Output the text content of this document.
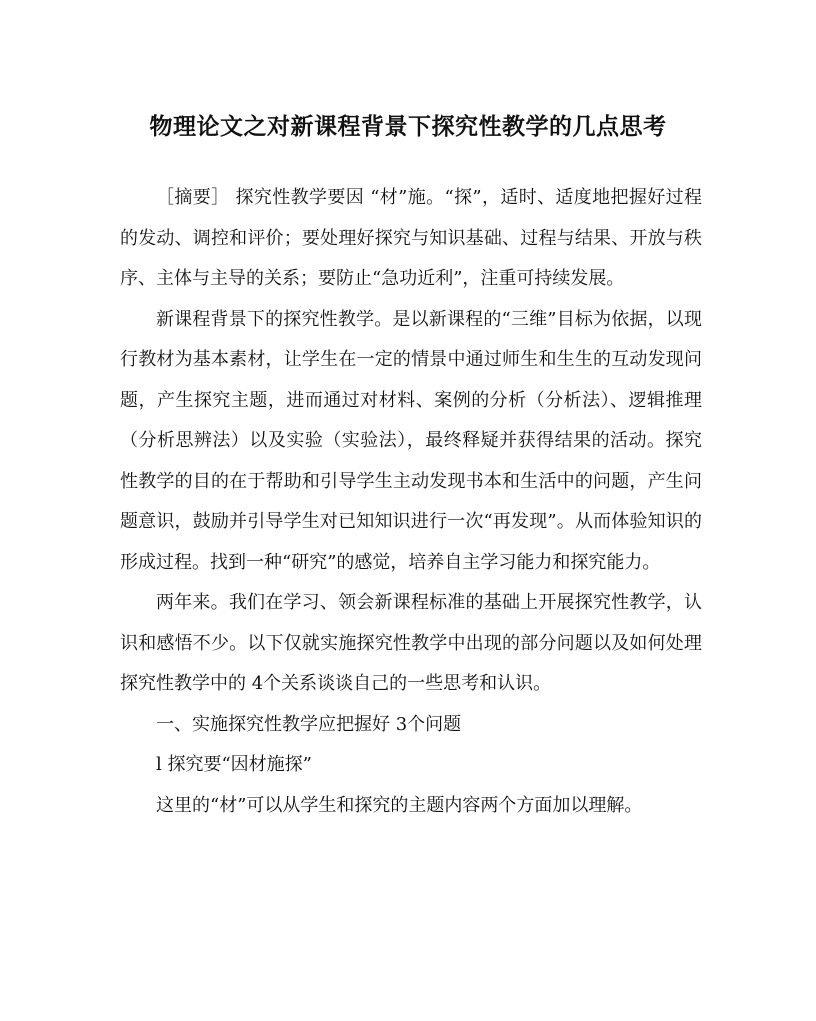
物理论文之对新课程背景下探究性教学的几点思考

［摘要］ 探究性教学要因 “材”施。“探”，适时、适度地把握好过程的发动、调控和评价；要处理好探究与知识基础、过程与结果、开放与秩序、主体与主导的关系；要防止“急功近利”，注重可持续发展。

新课程背景下的探究性教学。是以新课程的“三维”目标为依据，以现行教材为基本素材，让学生在一定的情景中通过师生和生生的互动发现问题，产生探究主题，进而通过对材料、案例的分析（分析法）、逻辑推理（分析思辨法）以及实验（实验法），最终释疑并获得结果的活动。探究性教学的目的在于帮助和引导学生主动发现书本和生活中的问题，产生问题意识，鼓励并引导学生对已知知识进行一次“再发现”。从而体验知识的形成过程。找到一种“研究”的感觉，培养自主学习能力和探究能力。

两年来。我们在学习、领会新课程标准的基础上开展探究性教学，认识和感悟不少。以下仅就实施探究性教学中出现的部分问题以及如何处理探究性教学中的 4个关系谈谈自己的一些思考和认识。

一、实施探究性教学应把握好 3个问题

l 探究要“因材施探”

这里的“材”可以从学生和探究的主题内容两个方面加以理解。
